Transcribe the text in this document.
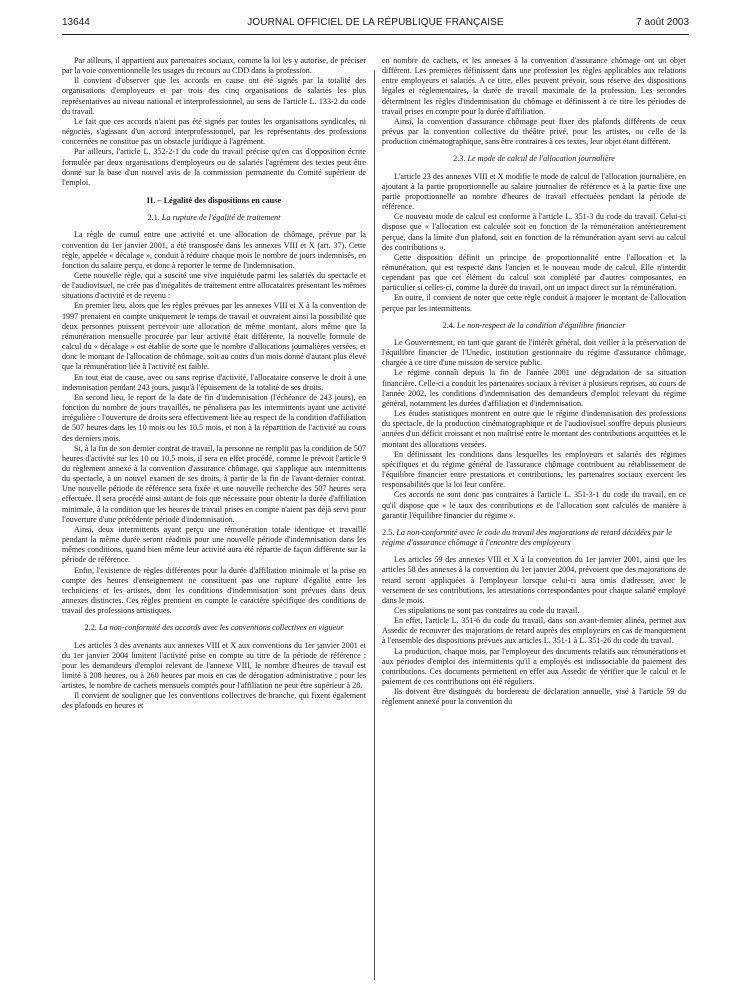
13644	JOURNAL OFFICIEL DE LA RÉPUBLIQUE FRANÇAISE	7 août 2003

Par ailleurs, il appartient aux partenaires sociaux, comme la loi les y autorise, de préciser par la voie conventionnelle les usages du recours au CDD dans la profession.

Il convient d'observer que les accords en cause ont été signés par la totalité des organisations d'employeurs et par trois des cinq organisations de salariés les plus représentatives au niveau national et interprofessionnel, au sens de l'article L. 133-2 du code du travail.

Le fait que ces accords n'aient pas été signés par toutes les organisations syndicales, ni négociés, s'agissant d'un accord interprofessionnel, par les représentants des professions concernées ne constitue pas un obstacle juridique à l'agrément.

Par ailleurs, l'article L. 352-2-1 du code du travail précise qu'en cas d'opposition écrite formulée par deux organisations d'employeurs ou de salariés l'agrément des textes peut être donné sur la base d'un nouvel avis de la commission permanente du Comité supérieur de l'emploi.

II. – Légalité des dispositions en cause
2.1. La rupture de l'égalité de traitement

La règle de cumul entre une activité et une allocation de chômage, prévue par la convention du 1er janvier 2001, a été transposée dans les annexes VIII et X (art. 37). Cette règle, appelée « décalage », conduit à réduire chaque mois le nombre de jours indemnisés, en fonction du salaire perçu, et donc à reporter le terme de l'indemnisation.

Cette nouvelle règle, qui a suscité une vive inquiétude parmi les salariés du spectacle et de l'audiovisuel, ne crée pas d'inégalités de traitement entre allocataires présentant les mêmes situations d'activité et de revenu :

En premier lieu, alors que les règles prévues par les annexes VIII et X à la convention de 1997 prenaient en compte uniquement le temps de travail et ouvraient ainsi la possibilité que deux personnes puissent percevoir une allocation de même montant, alors même que la rémunération mensuelle procurée par leur activité était différente, la nouvelle formule de calcul du « décalage » est établie de sorte que le nombre d'allocations journalières versées, et donc le montant de l'allocation de chômage, soit au cours d'un mois donné d'autant plus élevé que la rémunération liée à l'activité est faible.

En tout état de cause, avec ou sans reprise d'activité, l'allocataire conserve le droit à une indemnisation pendant 243 jours, jusqu'à l'épuisement de la totalité de ses droits.

En second lieu, le report de la date de fin d'indemnisation (l'échéance de 243 jours), en fonction du nombre de jours travaillés, ne pénalisera pas les intermittents ayant une activité irrégulière : l'ouverture de droits sera effectivement liée au respect de la condition d'affiliation de 507 heures dans les 10 mois ou les 10,5 mois, et non à la répartition de l'activité au cours des derniers mois.

Si, à la fin de son dernier contrat de travail, la personne ne remplit pas la condition de 507 heures d'activité sur les 10 ou 10,5 mois, il sera en effet procédé, comme le prévoit l'article 9 du règlement annexé à la convention d'assurance chômage, qui s'applique aux intermittents du spectacle, à un nouvel examen de ses droits, à partir de la fin de l'avant-dernier contrat. Une nouvelle période de référence sera fixée et une nouvelle recherche des 507 heures sera effectuée. Il sera procédé ainsi autant de fois que nécessaire pour obtenir la durée d'affiliation minimale, à la condition que les heures de travail prises en compte n'aient pas déjà servi pour l'ouverture d'une précédente période d'indemnisation.

Ainsi, deux intermittents ayant perçu une rémunération totale identique et travaillé pendant la même durée seront réadmis pour une nouvelle période d'indemnisation dans les mêmes conditions, quand bien même leur activité aura été répartie de façon différente sur la période de référence.

Enfin, l'existence de règles différentes pour la durée d'affiliation minimale et la prise en compte des heures d'enseignement ne constituent pas une rupture d'égalité entre les techniciens et les artistes, dont les conditions d'indemnisation sont prévues dans deux annexes distinctes. Ces règles prennent en compte le caractère spécifique des conditions de travail des professions artistiques.

2.2. La non-conformité des accords avec les conventions collectives en vigueur

Les articles 3 des avenants aux annexes VIII et X aux conventions du 1er janvier 2001 et du 1er janvier 2004 limitent l'activité prise en compte au titre de la période de référence : pour les demandeurs d'emploi relevant de l'annexe VIII, le nombre d'heures de travail est limité à 208 heures, ou à 260 heures par mois en cas de dérogation administrative ; pour les artistes, le nombre de cachets mensuels comptés pour l'affiliation ne peut être supérieur à 28.

Il convient de souligner que les conventions collectives de branche, qui fixent également des plafonds en heures et

en nombre de cachets, et les annexes à la convention d'assurance chômage ont un objet différent. Les premières définissent dans une profession les règles applicables aux relations entre employeurs et salariés. A ce titre, elles peuvent prévoir, sous réserve des dispositions légales et réglementaires, la durée de travail maximale de la profession. Les secondes déterminent les règles d'indemnisation du chômage et définissent à ce titre les périodes de travail prises en compte pour la durée d'affiliation.

Ainsi, la convention d'assurance chômage peut fixer des plafonds différents de ceux prévus par la convention collective du théâtre privé, pour les artistes, ou celle de la production cinématographique, sans être contraires à ces textes, leur objet étant différent.

2.3. Le mode de calcul de l'allocation journalière

L'article 23 des annexes VIII et X modifie le mode de calcul de l'allocation journalière, en ajoutant à la partie proportionnelle au salaire journalier de référence et à la partie fixe une partie proportionnelle au nombre d'heures de travail effectuées pendant la période de référence.

Ce nouveau mode de calcul est conforme à l'article L. 351-3 du code du travail. Celui-ci dispose que « l'allocation est calculée soit en fonction de la rémunération antérieurement perçue, dans la limite d'un plafond, soit en fonction de la rémunération ayant servi au calcul des contributions ».

Cette disposition définit un principe de proportionnalité entre l'allocation et la rémunération, qui est respecté dans l'ancien et le nouveau mode de calcul. Elle n'interdit cependant pas que cet élément du calcul soit complété par d'autres composantes, en particulier si celles-ci, comme la durée du travail, ont un impact direct sur la rémunération.

En outre, il convient de noter que cette règle conduit à majorer le montant de l'allocation perçue par les intermittents.

2.4. Le non-respect de la condition d'équilibre financier

Le Gouvernement, en tant que garant de l'intérêt général, doit veiller à la préservation de l'équilibre financier de l'Unedic, institution gestionnaire du régime d'assurance chômage, chargée à ce titre d'une mission de service public.

Le régime connaît depuis la fin de l'année 2001 une dégradation de sa situation financière. Celle-ci a conduit les partenaires sociaux à réviser à plusieurs reprises, au cours de l'année 2002, les conditions d'indemnisation des demandeurs d'emploi relevant du régime général, notamment les durées d'affiliation et d'indemnisation.

Les études statistiques montrent en outre que le régime d'indemnisation des professions du spectacle, de la production cinématographique et de l'audiovisuel souffre depuis plusieurs années d'un déficit croissant et non maîtrisé entre le montant des contributions acquittées et le montant des allocations versées.

En définissant les conditions dans lesquelles les employeurs et salariés des régimes spécifiques et du régime général de l'assurance chômage contribuent au rétablissement de l'équilibre financier entre prestations et contributions, les partenaires sociaux exercent les responsabilités que la loi leur confère.

Ces accords ne sont donc pas contraires à l'article L. 351-3-1 du code du travail, en ce qu'il dispose que « le taux des contributions et de l'allocation sont calculés de manière à garantir l'équilibre financier du régime ».

2.5. La non-conformité avec le code du travail des majorations de retard décidées par le régime d'assurance chômage à l'encontre des employeurs

Les articles 59 des annexes VIII et X à la convention du 1er janvier 2001, ainsi que les articles 58 des annexes à la convention du 1er janvier 2004, prévoient que des majorations de retard seront appliquées à l'employeur lorsque celui-ci aura omis d'adresser, avec le versement de ses contributions, les attestations correspondantes pour chaque salarié employé dans le mois.

Ces stipulations ne sont pas contraires au code du travail.

En effet, l'article L. 351-6 du code du travail, dans son avant-dernier alinéa, permet aux Assedic de recouvrer des majorations de retard auprès des employeurs en cas de manquement à l'ensemble des dispositions prévues aux articles L. 351-1 à L. 351-26 du code du travail.

La production, chaque mois, par l'employeur des documents relatifs aux rémunérations et aux périodes d'emploi des intermittents qu'il a employés est indissociable du paiement des contributions. Ces documents permettent en effet aux Assedic de vérifier que le calcul et le paiement de ces contributions ont été réguliers.

Ils doivent être distingués du bordereau de déclaration annuelle, visé à l'article 59 du règlement annexé pour la convention du
